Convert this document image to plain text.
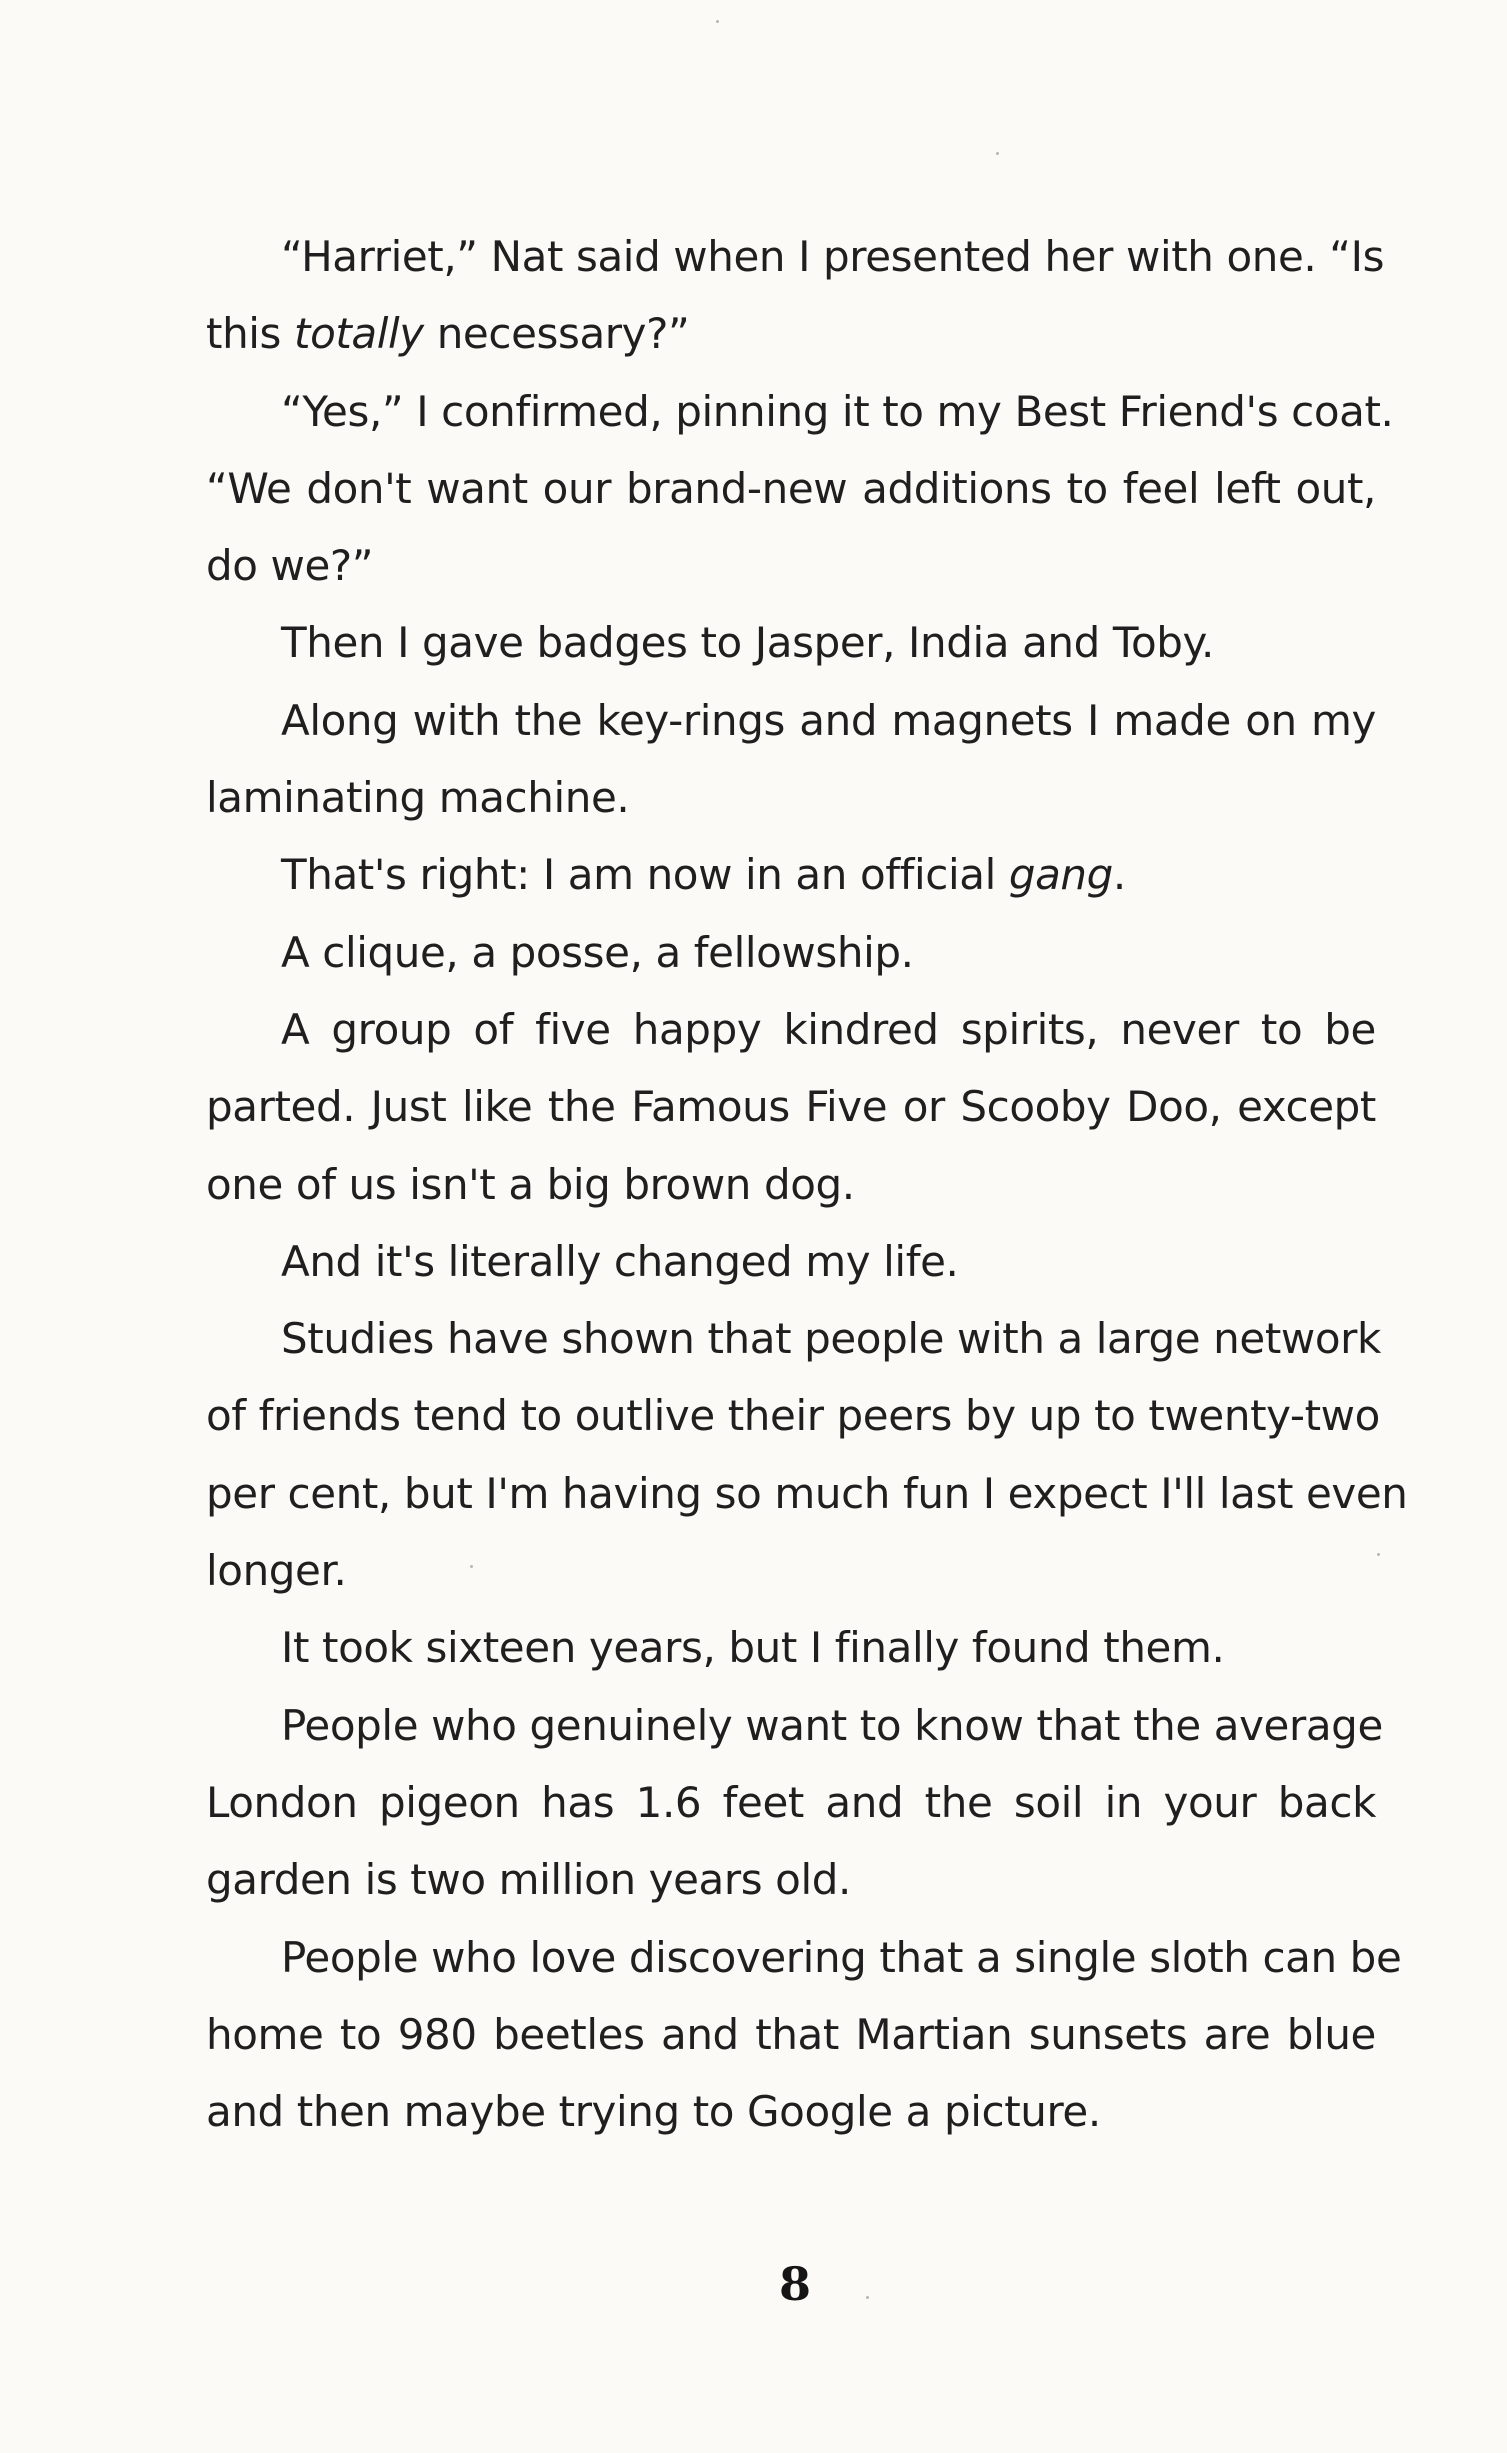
“Harriet,” Nat said when I presented her with one. “Is
this totally necessary?”
“Yes,” I confirmed, pinning it to my Best Friend's coat.
“We don't want our brand-new additions to feel left out,
do we?”
Then I gave badges to Jasper, India and Toby.
Along with the key-rings and magnets I made on my
laminating machine.
That's right: I am now in an official gang.
A clique, a posse, a fellowship.
A group of five happy kindred spirits, never to be
parted. Just like the Famous Five or Scooby Doo, except
one of us isn't a big brown dog.
And it's literally changed my life.
Studies have shown that people with a large network
of friends tend to outlive their peers by up to twenty-two
per cent, but I'm having so much fun I expect I'll last even
longer.
It took sixteen years, but I finally found them.
People who genuinely want to know that the average
London pigeon has 1.6 feet and the soil in your back
garden is two million years old.
People who love discovering that a single sloth can be
home to 980 beetles and that Martian sunsets are blue
and then maybe trying to Google a picture.
8
